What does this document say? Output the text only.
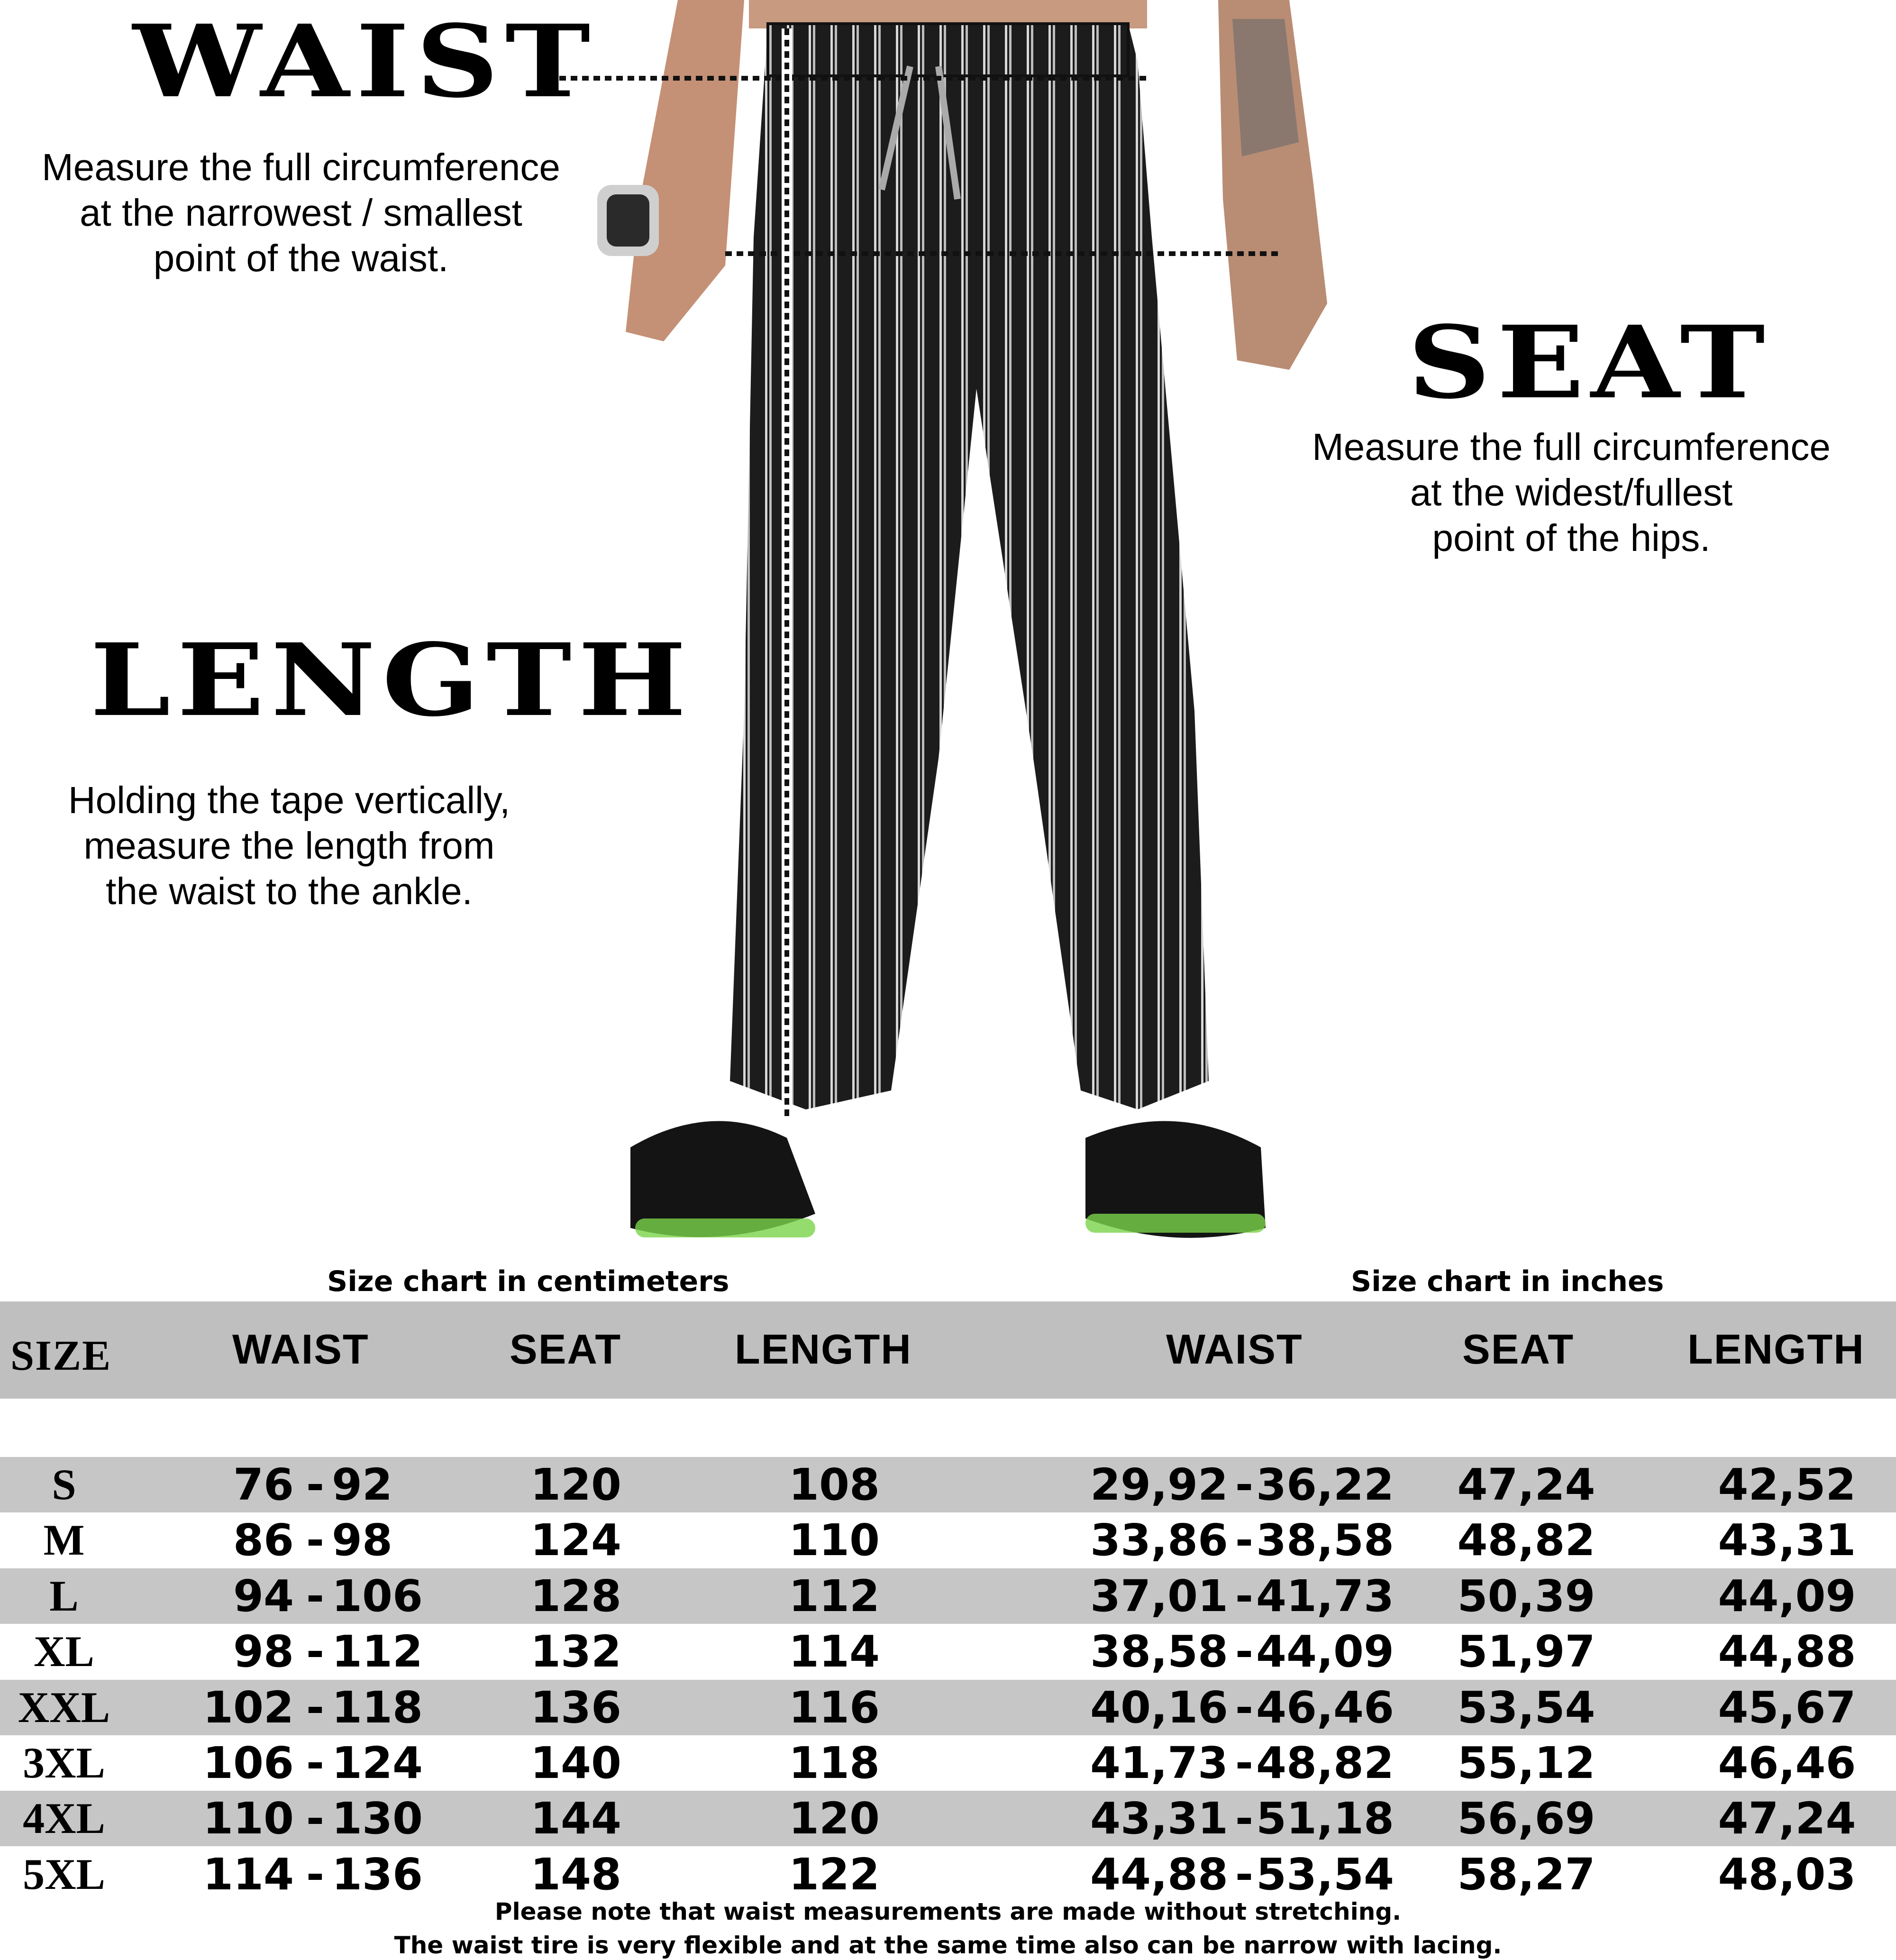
WAIST
Measure the full circumference
at the narrowest / smallest
point of the waist.
SEAT
Measure the full circumference
at the widest/fullest
point of the hips.
LENGTH
Holding the tape vertically,
measure the length from
the waist to the ankle.
Size chart in centimeters	Size chart in inches
SIZE	WAIST	SEAT	LENGTH	WAIST	SEAT	LENGTH
S	76 - 92	120	108	29,92 - 36,22	47,24	42,52
M	86 - 98	124	110	33,86 - 38,58	48,82	43,31
L	94 - 106	128	112	37,01 - 41,73	50,39	44,09
XL	98 - 112	132	114	38,58 - 44,09	51,97	44,88
XXL	102 - 118	136	116	40,16 - 46,46	53,54	45,67
3XL	106 - 124	140	118	41,73 - 48,82	55,12	46,46
4XL	110 - 130	144	120	43,31 - 51,18	56,69	47,24
5XL	114 - 136	148	122	44,88 - 53,54	58,27	48,03
Please note that waist measurements are made without stretching.
The waist tire is very flexible and at the same time also can be narrow with lacing.
